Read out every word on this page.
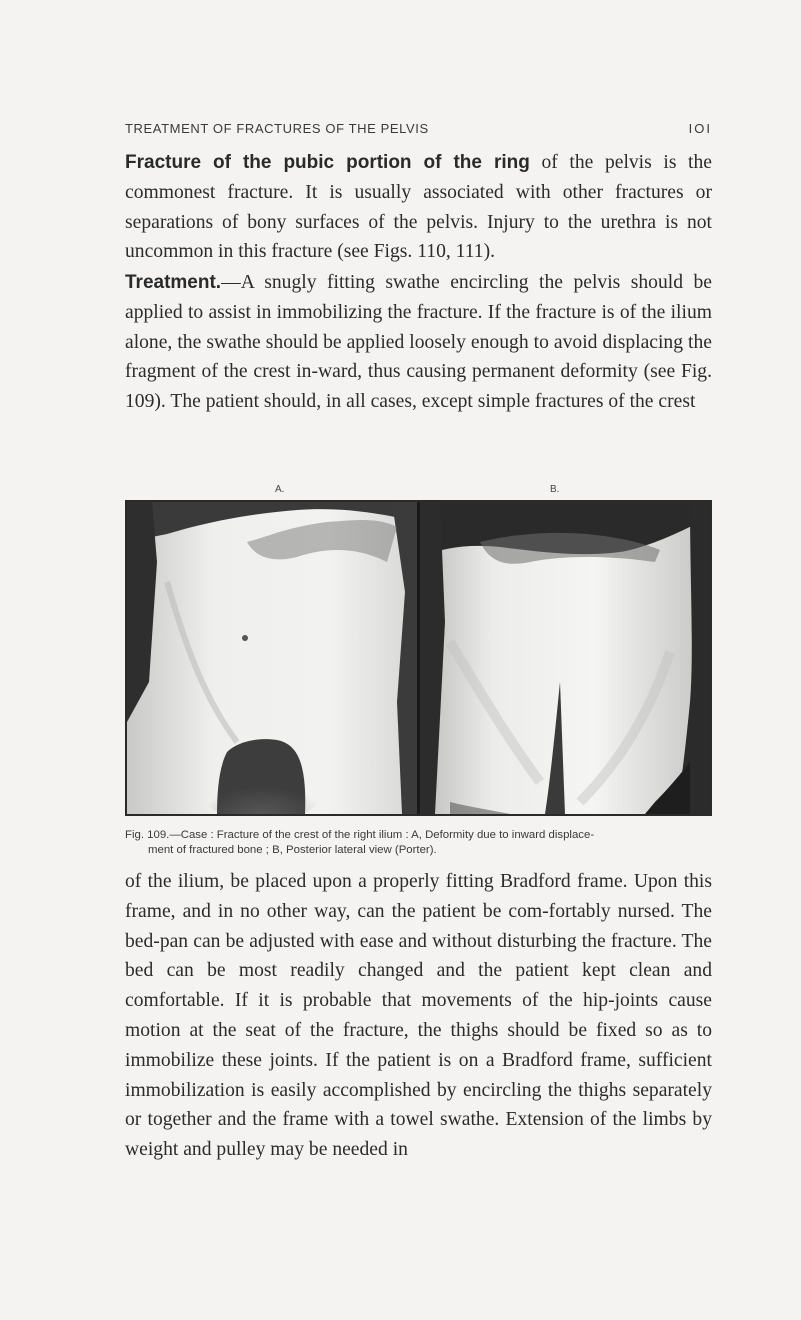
TREATMENT OF FRACTURES OF THE PELVIS	IOI

Fracture of the pubic portion of the ring of the pelvis is the commonest fracture. It is usually associated with other fractures or separations of bony surfaces of the pelvis. Injury to the urethra is not uncommon in this fracture (see Figs. 110, 111).

Treatment.—A snugly fitting swathe encircling the pelvis should be applied to assist in immobilizing the fracture. If the fracture is of the ilium alone, the swathe should be applied loosely enough to avoid displacing the fragment of the crest in-ward, thus causing permanent deformity (see Fig. 109). The patient should, in all cases, except simple fractures of the crest

A.	B.
Fig. 109.—Case : Fracture of the crest of the right ilium : A, Deformity due to inward displace-
ment of fractured bone ; B, Posterior lateral view (Porter).

of the ilium, be placed upon a properly fitting Bradford frame. Upon this frame, and in no other way, can the patient be com-fortably nursed. The bed-pan can be adjusted with ease and without disturbing the fracture. The bed can be most readily changed and the patient kept clean and comfortable. If it is probable that movements of the hip-joints cause motion at the seat of the fracture, the thighs should be fixed so as to immobilize these joints. If the patient is on a Bradford frame, sufficient immobilization is easily accomplished by encircling the thighs separately or together and the frame with a towel swathe. Extension of the limbs by weight and pulley may be needed in
